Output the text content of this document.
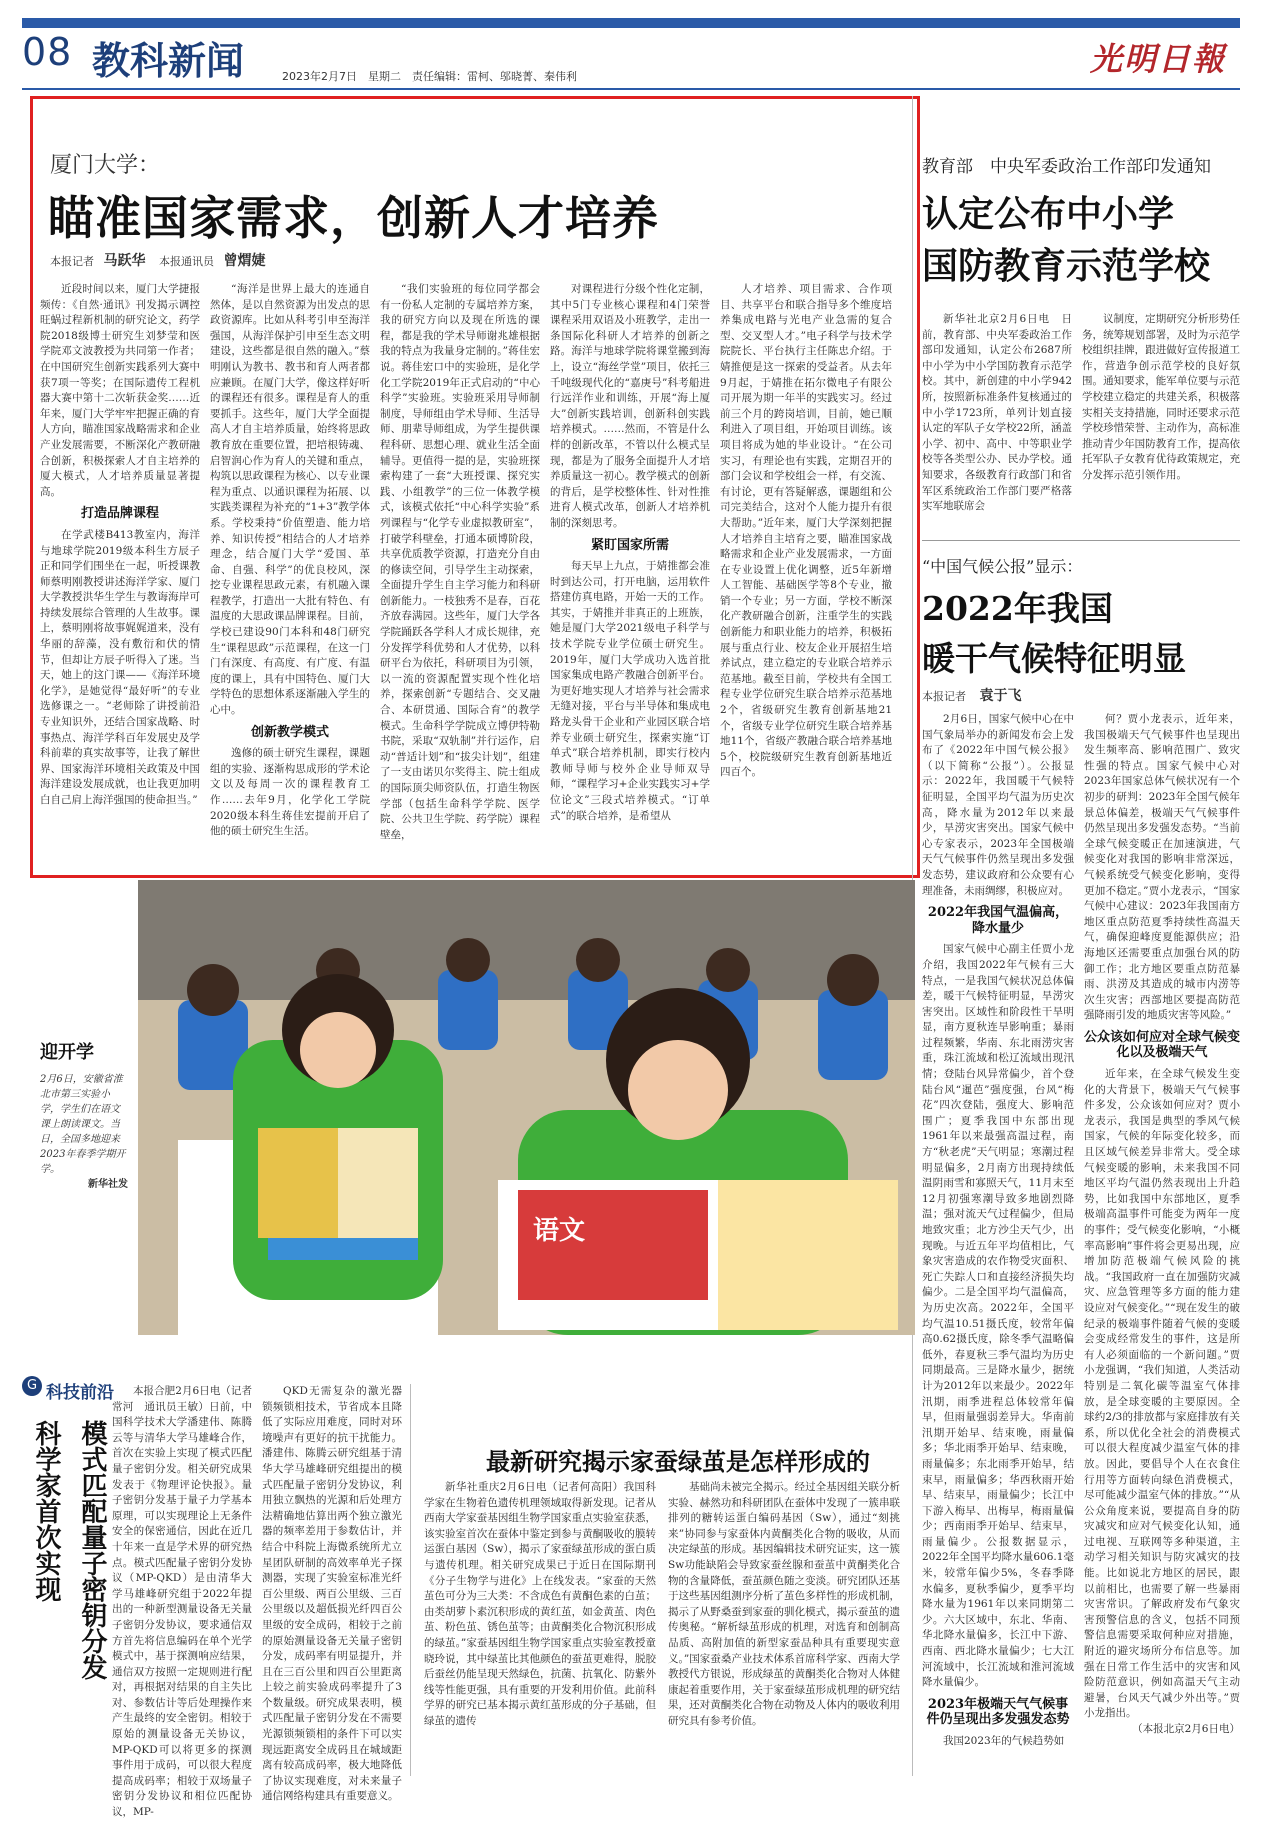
08 教科新闻	2023年2月7日　星期二　责任编辑：雷柯、邬晓菁、秦伟利	光明日報
厦门大学：
瞄准国家需求，创新人才培养
本报记者 马跃华 本报通讯员 曾煟婕

近段时间以来，厦门大学捷报频传：《自然·通讯》刊发揭示调控旺蜗过程新机制的研究论文，药学院2018级博士研究生刘梦莹和医学院邓文波教授为共同第一作者；在中国研究生创新实践系列大赛中获7项一等奖；在国际遗传工程机器大赛中第十二次斩获金奖……近年来，厦门大学牢牢把握正确的育人方向，瞄准国家战略需求和企业产业发展需要，不断深化产教研融合创新，积极探索人才自主培养的厦大模式，人才培养质量显著提高。

打造品牌课程

在学武楼B413教室内，海洋与地球学院2019级本科生方辰子正和同学们围坐在一起，听授课教师蔡明刚教授讲述海洋学家、厦门大学教授洪华生学生与教诲海岸可持续发展综合管理的人生故事。课上，蔡明刚将故事娓娓道来，没有华丽的辞藻，没有敷衍和伏的情节，但却让方辰子听得入了迷。当天，她上的这门课——《海洋环境化学》，是她觉得“最好听”的专业选修课之一。“老师除了讲授前沿专业知识外，还结合国家战略、时事热点、海洋学科百年发展史及学科前辈的真实故事等，让我了解世界、国家海洋环境相关政策及中国海洋建设发展成就，也让我更加明白自己肩上海洋强国的使命担当。”

“海洋是世界上最大的连通自然体，是以自然资源为出发点的思政资源库。比如从科考引申至海洋强国，从海洋保护引申至生态文明建设，这些都是很自然的融入。”蔡明刚认为教书、教书和育人两者都应兼顾。在厦门大学，像这样好听的课程还有很多。课程是育人的重要抓手。这些年，厦门大学全面提高人才自主培养质量，始终将思政教育放在重要位置，把培根铸魂、启智润心作为育人的关键和重点，构筑以思政课程为核心、以专业课程为重点、以通识课程为拓展、以实践类课程为补充的“1+3”教学体系。学校秉持“价值塑造、能力培养、知识传授”相结合的人才培养理念，结合厦门大学“爱国、革命、自强、科学”的优良校风，深挖专业课程思政元素，有机融入课程教学，打造出一大批有特色、有温度的大思政课品牌课程。目前，学校已建设90门本科和48门研究生“课程思政”示范课程，在这一门门有深度、有高度、有广度、有温度的课上，具有中国特色、厦门大学特色的思想体系逐渐融入学生的心中。

创新教学模式

逸修的硕士研究生课程，课题组的实验、逐渐构思成形的学术论文以及每周一次的课程教育工作……去年9月，化学化工学院2020级本科生蒋佳宏提前开启了他的硕士研究生生活。

“我们实验班的每位同学都会有一份私人定制的专属培养方案，我的研究方向以及现在所选的课程，都是我的学术导师谢兆雄根据我的特点为我量身定制的。”蒋佳宏说。蒋佳宏口中的实验班，是化学化工学院2019年正式启动的“中心科学”实验班。实验班采用导师制制度，导师组由学术导师、生活导师、朋辈导师组成，为学生提供课程科研、思想心理、就业生活全面辅导。更值得一提的是，实验班探索构建了一套“大班授课、探究实践、小组教学”的三位一体教学模式，该模式依托“中心科学实验”系列课程与“化学专业虚拟教研室”，打破学科壁垒，打通本硕博阶段，共享优质教学资源，打造充分自由的修读空间，引导学生主动探索，全面提升学生自主学习能力和科研创新能力。一枝独秀不是春，百花齐放春满园。这些年，厦门大学各学院踊跃各学科人才成长规律，充分发挥学科优势和人才优势，以科研平台为依托，科研项目为引领，以一流的资源配置实现个性化培养，探索创新“专题结合、交叉融合、本研贯通、国际合育”的教学模式。生命科学学院成立博伊特勒书院，采取“双轨制”并行运作，启动“普适计划”和“拔尖计划”，组建了一支由诺贝尔奖得主、院士组成的国际顶尖师资队伍，打造生物医学部（包括生命科学学院、医学院、公共卫生学院、药学院）课程壁垒，

对课程进行分级个性化定制，其中5门专业核心课程和4门荣誉课程采用双语及小班教学，走出一条国际化科研人才培养的创新之路。海洋与地球学院将课堂搬到海上，设立“海丝学堂”项目，依托三千吨级现代化的“嘉庚号”科考船进行远洋作业和训练，开展“海上厦大”创新实践培训，创新科创实践培养模式。……然而，不管是什么样的创新改革，不管以什么模式呈现，都是为了服务全面提升人才培养质量这一初心。教学模式的创新的背后，是学校整体性、针对性推进育人模式改革，创新人才培养机制的深刻思考。

紧盯国家所需

每天早上九点，于婧推都会准时到达公司，打开电脑，运用软件搭建仿真电路，开始一天的工作。其实，于婧推并非真正的上班族，她是厦门大学2021级电子科学与技术学院专业学位硕士研究生。2019年，厦门大学成功入选首批国家集成电路产教融合创新平台。为更好地实现人才培养与社会需求无缝对接，平台与半导体和集成电路龙头骨干企业和产业园区联合培养专业硕士研究生，探索实施“订单式”联合培养机制，即实行校内教师导师与校外企业导师双导师，“课程学习+企业实践实习+学位论文”三段式培养模式。“订单式”的联合培养，是希望从

人才培养、项目需求、合作项目、共享平台和联合指导多个维度培养集成电路与光电产业急需的复合型、交叉型人才。”电子科学与技术学院院长、平台执行主任陈忠介绍。于婧推便是这一探索的受益者。从去年9月起，于婧推在拓尔微电子有限公司开展为期一年半的实践实习。经过前三个月的跨岗培训，目前，她已顺利进入了项目组，开始项目训练。该项目将成为她的毕业设计。“在公司实习，有理论也有实践，定期召开的部门会议和学校组会一样，有交流、有讨论，更有答疑解惑，课题组和公司完美结合，这对个人能力提升有很大帮助。”近年来，厦门大学深刻把握人才培养自主培育之要，瞄准国家战略需求和企业产业发展需求，一方面在专业设置上优化调整，近5年新增人工智能、基础医学等8个专业，撤销一个专业；另一方面，学校不断深化产教研融合创新，注重学生的实践创新能力和职业能力的培养，积极拓展与重点行业、校友企业开展招生培养试点，建立稳定的专业联合培养示范基地。截至目前，学校共有全国工程专业学位研究生联合培养示范基地2个，省级研究生教育创新基地21个，省级专业学位研究生联合培养基地11个，省级产教融合联合培养基地5个，校院级研究生教育创新基地近四百个。

教育部　中央军委政治工作部印发通知
认定公布中小学
国防教育示范学校

新华社北京2月6日电　日前，教育部、中央军委政治工作部印发通知，认定公布2687所中小学为中小学国防教育示范学校。其中，新创建的中小学942所，按照新标准条件复核通过的中小学1723所，单列计划直接认定的军队子女学校22所，涵盖小学、初中、高中、中等职业学校等各类型公办、民办学校。通知要求，各级教育行政部门和省军区系统政治工作部门要严格落实军地联席会

议制度，定期研究分析形势任务，统筹规划部署，及时为示范学校组织挂牌，跟进做好宣传报道工作，营造争创示范学校的良好氛围。通知要求，能军单位要与示范学校建立稳定的共建关系，积极落实相关支持措施，同时还要求示范学校珍惜荣誉、主动作为，高标准推动青少年国防教育工作，提高依托军队子女教育优待政策规定，充分发挥示范引领作用。

“中国气候公报”显示：
2022年我国
暖干气候特征明显
本报记者 袁于飞

2月6日，国家气候中心在中国气象局举办的新闻发布会上发布了《2022年中国气候公报》（以下简称“公报”）。公报显示：2022年，我国暖干气候特征明显，全国平均气温为历史次高，降水量为2012年以来最少，旱涝灾害突出。国家气候中心专家表示，2023年全国极端天气气候事件仍然呈现出多发强发态势，建议政府和公众要有心理准备，未雨绸缪，积极应对。

2022年我国气温偏高，降水量少

国家气候中心副主任贾小龙介绍，我国2022年气候有三大特点，一是我国气候状况总体偏差，暖干气候特征明显，旱涝灾害突出。区域性和阶段性干旱明显，南方夏秋连旱影响重；暴雨过程频繁，华南、东北雨涝灾害重，珠江流域和松辽流域出现汛情；登陆台风异常偏少，首个登陆台风“暹芭”强度强，台风“梅花”四次登陆，强度大、影响范围广；夏季我国中东部出现1961年以来最强高温过程，南方“秋老虎”天气明显；寒潮过程明显偏多，2月南方出现持续低温阴雨雪和寡照天气，11月末至12月初强寒潮导致多地剧烈降温；强对流天气过程偏少，但局地致灾重；北方沙尘天气少，出现晚。与近五年平均值相比，气象灾害造成的农作物受灾面积、死亡失踪人口和直接经济损失均偏少。二是全国平均气温偏高，为历史次高。2022年，全国平均气温10.51摄氏度，较常年偏高0.62摄氏度，除冬季气温略偏低外，春夏秋三季气温均为历史同期最高。三是降水量少，据统计为2012年以来最少。2022年汛期，雨季进程总体较常年偏早，但雨量强弱差异大。华南前汛期开始早、结束晚，雨量偏多；华北雨季开始早、结束晚，雨量偏多；东北雨季开始早，结束早，雨量偏多；华西秋雨开始早、结束早，雨量偏少；长江中下游入梅早、出梅早，梅雨量偏少；西南雨季开始早、结束早，雨量偏少。公报数据显示，2022年全国平均降水量606.1毫米，较常年偏少5%，冬春季降水偏多，夏秋季偏少，夏季平均降水量为1961年以来同期第二少。六大区域中，东北、华南、华北降水量偏多，长江中下游、西南、西北降水量偏少；七大江河流域中，长江流域和淮河流域降水量偏少。

2023年极端天气气候事件仍呈现出多发强发态势

我国2023年的气候趋势如

何？贾小龙表示，近年来，我国极端天气气候事件也呈现出发生频率高、影响范围广、致灾性强的特点。国家气候中心对2023年国家总体气候状况有一个初步的研判：2023年全国气候年景总体偏差，极端天气气候事件仍然呈现出多发强发态势。“当前全球气候变暖正在加速演进，气候变化对我国的影响非常深远，气候系统受气候变化影响，变得更加不稳定。”贾小龙表示，“国家气候中心建议：2023年我国南方地区重点防范夏季持续性高温天气，确保迎峰度夏能源供应；沿海地区还需要重点加强台风的防御工作；北方地区要重点防范暴雨、洪涝及其造成的城市内涝等次生灾害；西部地区要提高防范强降雨引发的地质灾害等风险。”

公众该如何应对全球气候变化以及极端天气

近年来，在全球气候发生变化的大背景下，极端天气气候事件多发，公众该如何应对？贾小龙表示，我国是典型的季风气候国家，气候的年际变化较多，而且区域气候差异非常大。受全球气候变暖的影响，未来我国不同地区平均气温仍然表现出上升趋势，比如我国中东部地区，夏季极端高温事件可能变为两年一度的事件；受气候变化影响，“小概率高影响”事件将会更易出现，应增加防范极端气候风险的挑战。“我国政府一直在加强防灾减灾、应急管理等多方面的能力建设应对气候变化。”“现在发生的破纪录的极端事件随着气候的变暖会变成经常发生的事件，这是所有人必须面临的一个新问题。”贾小龙强调，“我们知道，人类活动特别是二氧化碳等温室气体排放，是全球变暖的主要原因。全球约2/3的排放都与家庭排放有关系，所以优化全社会的消费模式可以很大程度减少温室气体的排放。因此，要倡导个人在衣食住行用等方面转向绿色消费模式，尽可能减少温室气体的排放。”“从公众角度来说，要提高自身的防灾减灾和应对气候变化认知，通过电视、互联网等多种渠道，主动学习相关知识与防灾减灾的技能。比如说北方地区的居民，跟以前相比，也需要了解一些暴雨灾害常识。了解政府发布气象灾害预警信息的含义，包括不同预警信息需要采取何种应对措施，附近的避灾场所分布信息等。加强在日常工作生活中的灾害和风险防范意识，例如高温天气主动避暑，台风天气减少外出等。”贾小龙指出。

（本报北京2月6日电）

语文
迎开学
2月6日，安徽省淮北市第三实验小学，学生们在语文课上朗读课文。当日，全国多地迎来2023年春季学期开学。
新华社发
G 科技前沿
模式匹配量子密钥分发
科学家首次实现

本报合肥2月6日电（记者常河　通讯员王敏）日前，中国科学技术大学潘建伟、陈腾云等与清华大学马雄峰合作，首次在实验上实现了模式匹配量子密钥分发。相关研究成果发表于《物理评论快报》。量子密钥分发基于量子力学基本原理，可以实现理论上无条件安全的保密通信，因此在近几十年来一直是学术界的研究热点。模式匹配量子密钥分发协议（MP-QKD）是由清华大学马雄峰研究组于2022年提出的一种新型测量设备无关量子密钥分发协议，要求通信双方首先将信息编码在单个光学模式中，基于探测响应结果，通信双方按照一定规则进行配对，再根据对结果的自主失比对、参数估计等后处理操作来产生最终的安全密钥。相较于原始的测量设备无关协议，MP-QKD可以将更多的探测事件用于成码，可以很大程度提高成码率；相较于双场量子密钥分发协议和相位匹配协议，MP-

QKD无需复杂的激光器锁频锁相技术，节省成本且降低了实际应用难度，同时对环境噪声有更好的抗干扰能力。潘建伟、陈腾云研究组基于清华大学马雄峰研究组提出的模式匹配量子密钥分发协议，利用独立飘热的光源和后处理方法精确地估算出两个独立激光器的频率差用于参数估计，并结合中科院上海微系统所尤立星团队研制的高效率单光子探测器，实现了实验室标准光纤百公里级、两百公里级、三百公里级以及超低损光纤四百公里级的安全成码，相较于之前的原始测量设备无关量子密钥分发，成码率有明显提升，并且在三百公里和四百公里距离上较之前实验成码率提升了3个数量级。研究成果表明，模式匹配量子密钥分发在不需要光源锁频锁相的条件下可以实现远距离安全成码且在城域距离有较高成码率，极大地降低了协议实现难度，对未来量子通信网络构建具有重要意义。

最新研究揭示家蚕绿茧是怎样形成的

新华社重庆2月6日电（记者何高阳）我国科学家在生物着色遗传机理领域取得新发现。记者从西南大学家蚕基因组生物学国家重点实验室获悉，该实验室首次在蚕体中鉴定到参与黄酮吸收的膜转运蛋白基因（Sw），揭示了家蚕绿茧形成的蛋白质与遗传机理。相关研究成果已于近日在国际期刊《分子生物学与进化》上在线发表。“家蚕的天然茧色可分为三大类：不含成色有黄酮色素的白茧；由类胡萝卜素沉积形成的黄红茧，如金黄茧、肉色茧、粉色茧、锈色茧等；由黄酮类化合物沉积形成的绿茧。”家蚕基因组生物学国家重点实验室教授童晓玲说，其中绿茧比其他颜色的蚕茧更难得，脱胶后蚕丝仍能呈现天然绿色，抗菌、抗氧化、防紫外线等性能更强，具有重要的开发利用价值。此前科学界的研究已基本揭示黄红茧形成的分子基础，但绿茧的遗传

基础尚未被完全揭示。经过全基因组关联分析实验、赫然功和科研团队在蚕体中发现了一簇串联排列的糖转运蛋白编码基因（Sw），通过“刻挑来”协同参与家蚕体内黄酮类化合物的吸收，从而决定绿茧的形成。基因编辑技术研究证实，这一簇Sw功能缺陷会导致家蚕丝腺和蚕茧中黄酮类化合物的含量降低，蚕茧颜色随之变淡。研究团队还基于这些基因组测序分析了茧色多样性的形成机制，揭示了从野桑蚕到家蚕的驯化模式，揭示蚕茧的遗传奥秘。“解析绿茧形成的机理，对选育和创制高品质、高附加值的新型家蚕品种具有重要现实意义。”国家蚕桑产业技术体系首席科学家、西南大学教授代方银说，形成绿茧的黄酮类化合物对人体健康起着重要作用，关于家蚕绿茧形成机理的研究结果，还对黄酮类化合物在动物及人体内的吸收利用研究具有参考价值。
